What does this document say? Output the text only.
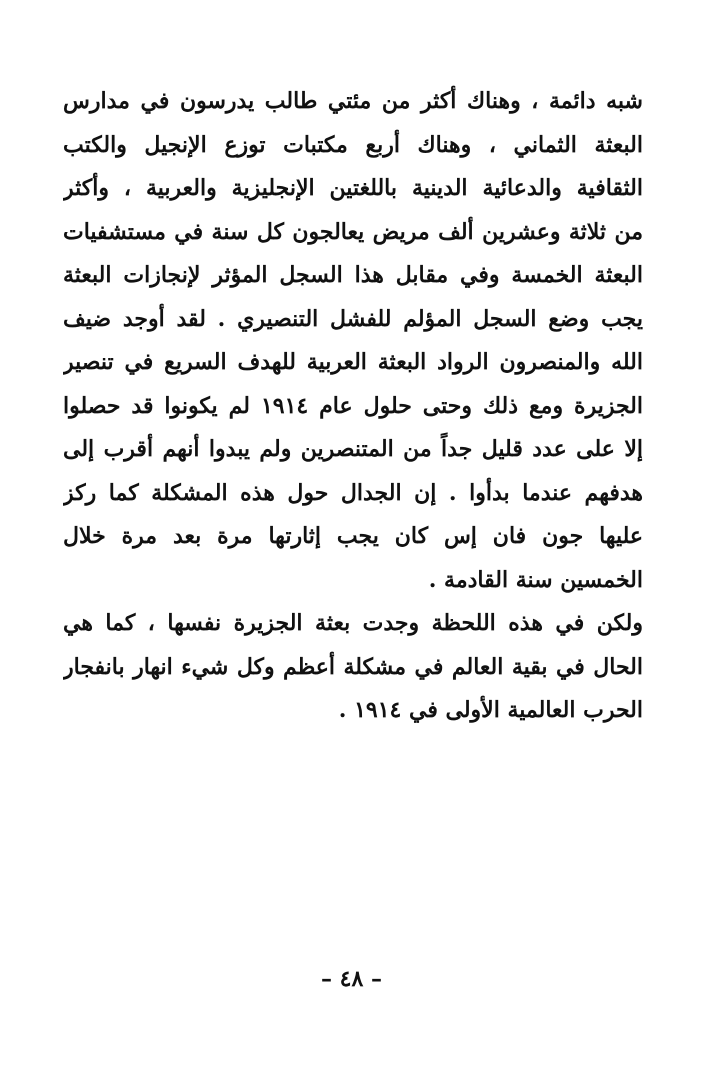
شبه دائمة ، وهناك أكثر من مئتي طالب يدرسون في مدارس
البعثة الثماني ، وهناك أربع مكتبات توزع الإنجيل والكتب
الثقافية والدعائية الدينية باللغتين الإنجليزية والعربية ، وأكثر
من ثلاثة وعشرين ألف مريض يعالجون كل سنة في مستشفيات
البعثة الخمسة وفي مقابل هذا السجل المؤثر لإنجازات البعثة
يجب وضع السجل المؤلم للفشل التنصيري . لقد أوجد ضيف
الله والمنصرون الرواد البعثة العربية للهدف السريع في تنصير
الجزيرة ومع ذلك وحتى حلول عام ١٩١٤ لم يكونوا قد حصلوا
إلا على عدد قليل جداً من المتنصرين ولم يبدوا أنهم أقرب إلى
هدفهم عندما بدأوا . إن الجدال حول هذه المشكلة كما ركز
عليها جون فان إس كان يجب إثارتها مرة بعد مرة خلال
الخمسين سنة القادمة .
ولكن في هذه اللحظة وجدت بعثة الجزيرة نفسها ، كما هي
الحال في بقية العالم في مشكلة أعظم وكل شيء انهار بانفجار
الحرب العالمية الأولى في ١٩١٤ .
– ٤٨ –
